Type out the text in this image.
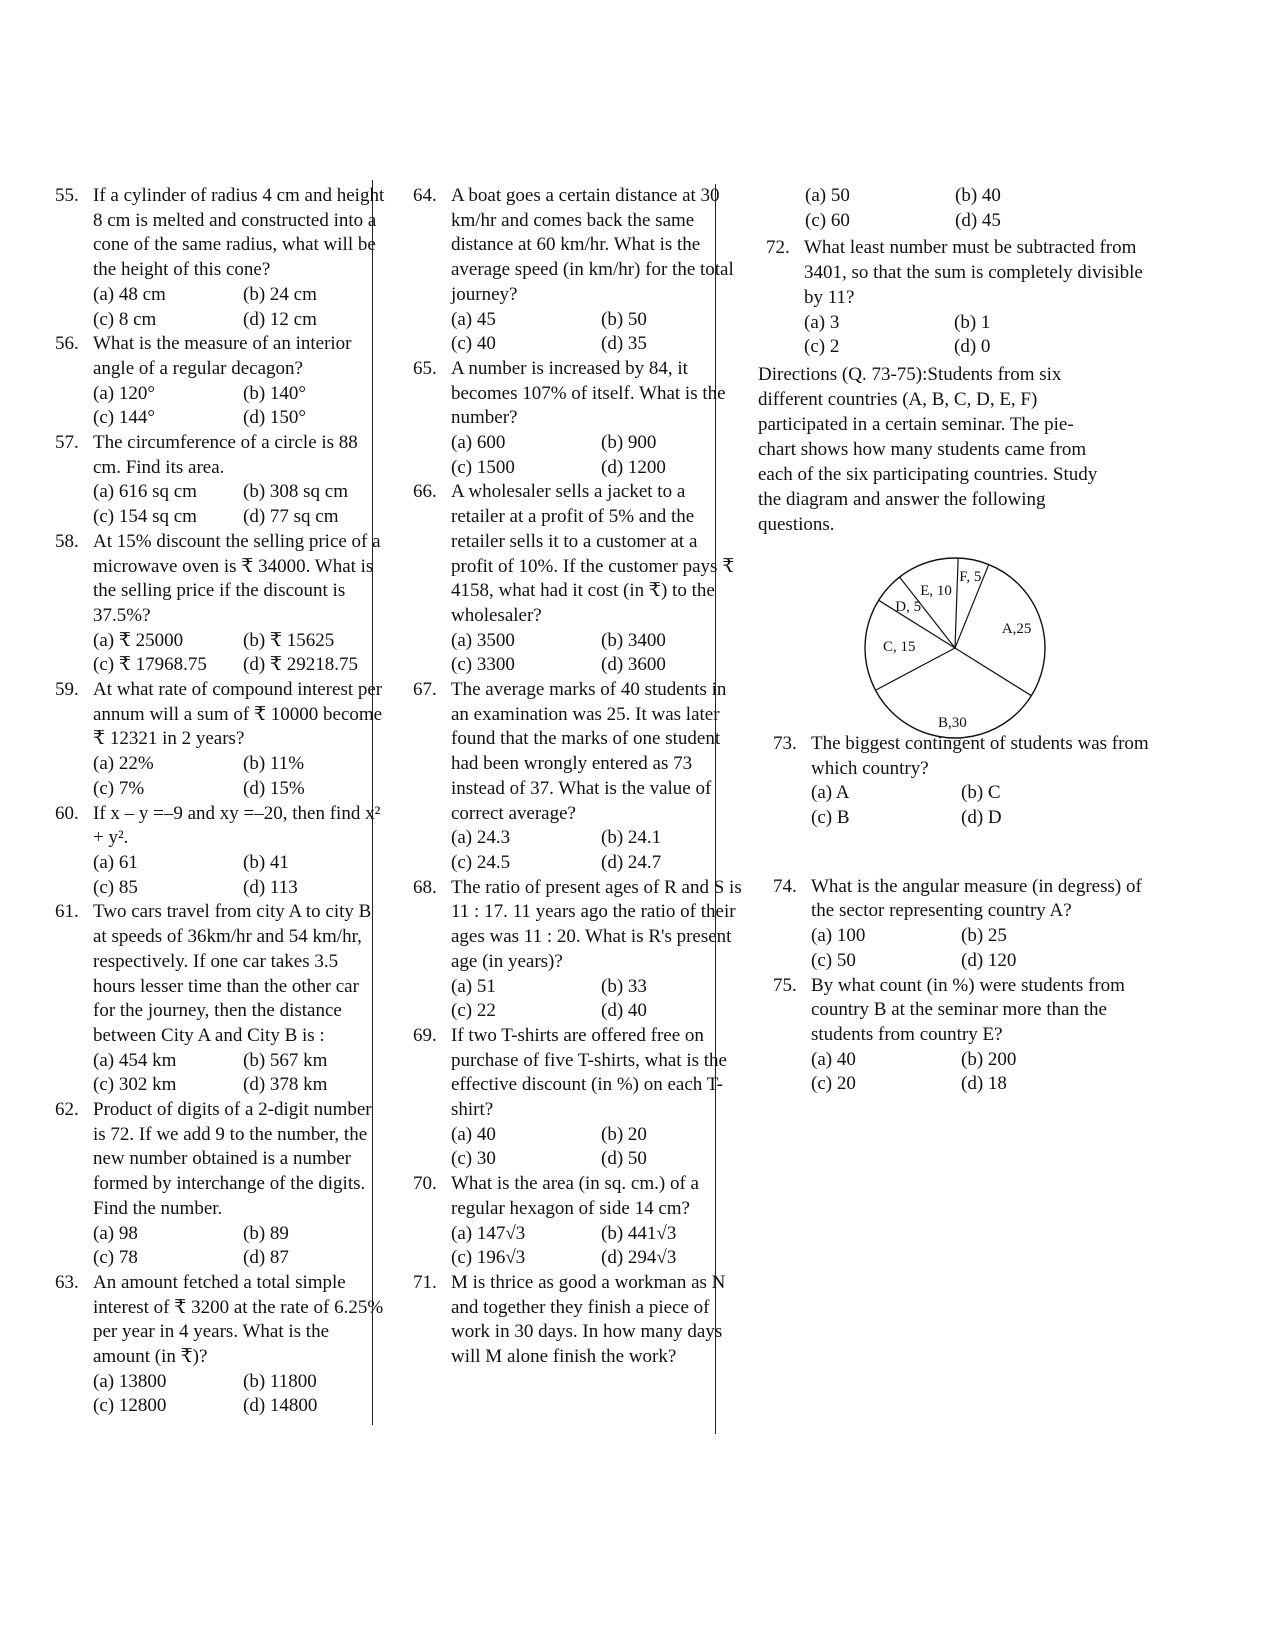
55. If a cylinder of radius 4 cm and height 8 cm is melted and constructed into a cone of the same radius, what will be the height of this cone?
(a) 48 cm	(b) 24 cm
(c) 8 cm	(d) 12 cm
56. What is the measure of an interior angle of a regular decagon?
(a) 120°	(b) 140°
(c) 144°	(d) 150°
57. The circumference of a circle is 88 cm. Find its area.
(a) 616 sq cm	(b) 308 sq cm
(c) 154 sq cm	(d) 77 sq cm
58. At 15% discount the selling price of a microwave oven is ₹ 34000. What is the selling price if the discount is 37.5%?
(a) ₹ 25000	(b) ₹ 15625
(c) ₹ 17968.75	(d) ₹ 29218.75
59. At what rate of compound interest per annum will a sum of ₹ 10000 become ₹ 12321 in 2 years?
(a) 22%	(b) 11%
(c) 7%	(d) 15%
60. If x – y =–9 and xy =–20, then find x² + y².
(a) 61	(b) 41
(c) 85	(d) 113
61. Two cars travel from city A to city B at speeds of 36km/hr and 54 km/hr, respectively. If one car takes 3.5 hours lesser time than the other car for the journey, then the distance between City A and City B is :
(a) 454 km	(b) 567 km
(c) 302 km	(d) 378 km
62. Product of digits of a 2-digit number is 72. If we add 9 to the number, the new number obtained is a number formed by interchange of the digits. Find the number.
(a) 98	(b) 89
(c) 78	(d) 87
63. An amount fetched a total simple interest of ₹ 3200 at the rate of 6.25% per year in 4 years. What is the amount (in ₹)?
(a) 13800	(b) 11800
(c) 12800	(d) 14800
64. A boat goes a certain distance at 30 km/hr and comes back the same distance at 60 km/hr. What is the average speed (in km/hr) for the total journey?
(a) 45	(b) 50
(c) 40	(d) 35
65. A number is increased by 84, it becomes 107% of itself. What is the number?
(a) 600	(b) 900
(c) 1500	(d) 1200
66. A wholesaler sells a jacket to a retailer at a profit of 5% and the retailer sells it to a customer at a profit of 10%. If the customer pays ₹ 4158, what had it cost (in ₹) to the wholesaler?
(a) 3500	(b) 3400
(c) 3300	(d) 3600
67. The average marks of 40 students in an examination was 25. It was later found that the marks of one student had been wrongly entered as 73 instead of 37. What is the value of correct average?
(a) 24.3	(b) 24.1
(c) 24.5	(d) 24.7
68. The ratio of present ages of R and S is 11 : 17. 11 years ago the ratio of their ages was 11 : 20. What is R's present age (in years)?
(a) 51	(b) 33
(c) 22	(d) 40
69. If two T-shirts are offered free on purchase of five T-shirts, what is the effective discount (in %) on each T-shirt?
(a) 40	(b) 20
(c) 30	(d) 50
70. What is the area (in sq. cm.) of a regular hexagon of side 14 cm?
(a) 147√3	(b) 441√3
(c) 196√3	(d) 294√3
71. M is thrice as good a workman as N and together they finish a piece of work in 30 days. In how many days will M alone finish the work?
(a) 50	(b) 40
(c) 60	(d) 45
72. What least number must be subtracted from 3401, so that the sum is completely divisible by 11?
(a) 3	(b) 1
(c) 2	(d) 0
Directions (Q. 73-75):Students from six different countries (A, B, C, D, E, F) participated in a certain seminar. The pie-chart shows how many students came from each of the six participating countries. Study the diagram and answer the following questions.
73. The biggest contingent of students was from which country?
(a) A	(b) C
(c) B	(d) D
74. What is the angular measure (in degress) of the sector representing country A?
(a) 100	(b) 25
(c) 50	(d) 120
75. By what count (in %) were students from country B at the seminar more than the students from country E?
(a) 40	(b) 200
(c) 20	(d) 18
F, 5
A,25
B,30
C, 15
D, 5
E, 10
